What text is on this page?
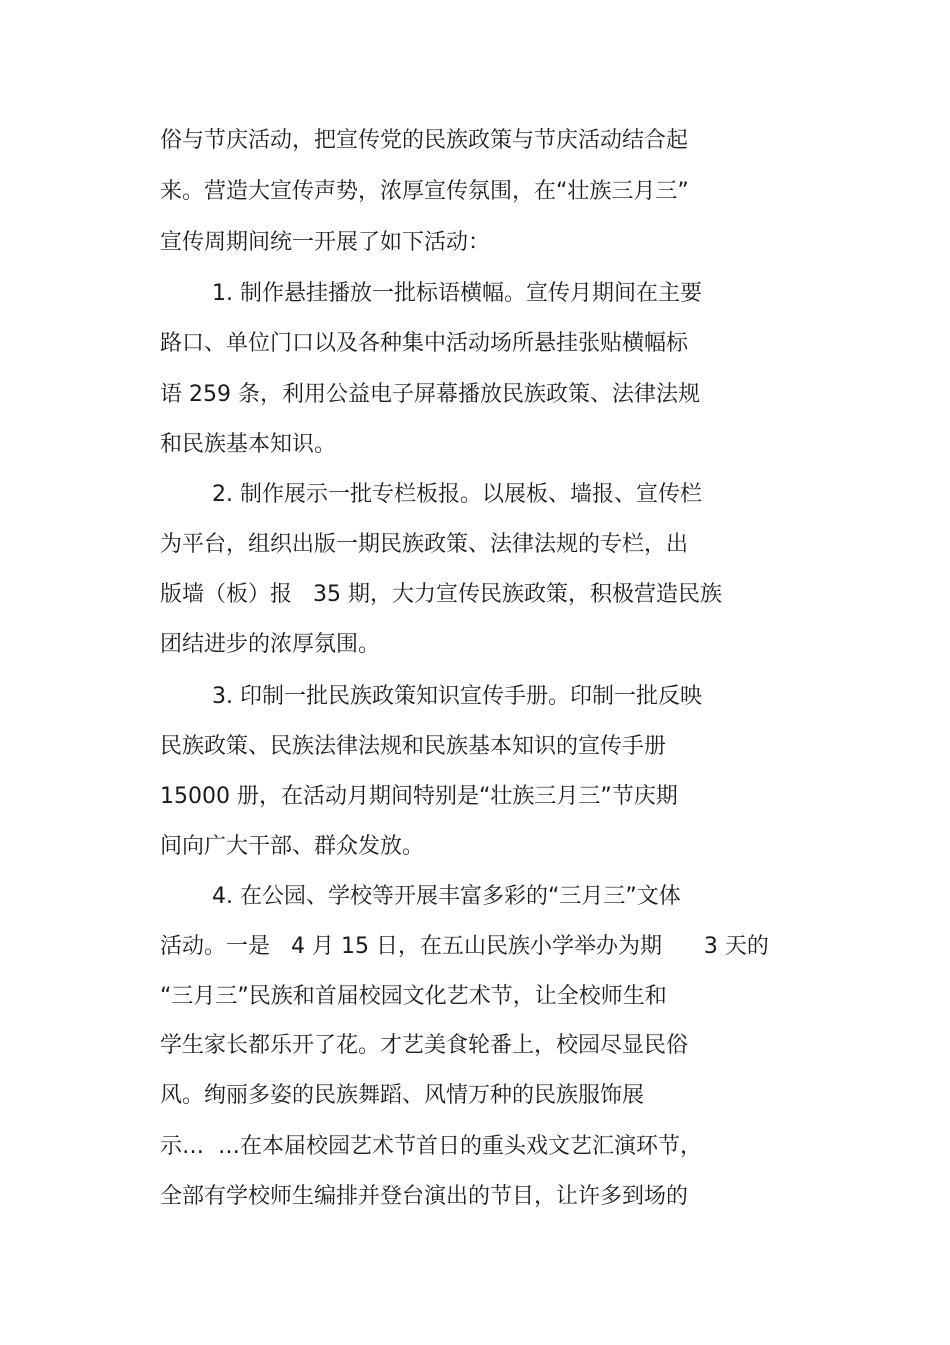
俗与节庆活动，把宣传党的民族政策与节庆活动结合起
来。营造大宣传声势，浓厚宣传氛围，在“壮族三月三”
宣传周期间统一开展了如下活动：
1. 制作悬挂播放一批标语横幅。宣传月期间在主要
路口、单位门口以及各种集中活动场所悬挂张贴横幅标
语 259 条，利用公益电子屏幕播放民族政策、法律法规
和民族基本知识。
2. 制作展示一批专栏板报。以展板、墙报、宣传栏
为平台，组织出版一期民族政策、法律法规的专栏，出
版墙（板）报   35 期，大力宣传民族政策，积极营造民族
团结进步的浓厚氛围。
3. 印制一批民族政策知识宣传手册。印制一批反映
民族政策、民族法律法规和民族基本知识的宣传手册
15000 册，在活动月期间特别是“壮族三月三”节庆期
间向广大干部、群众发放。
4. 在公园、学校等开展丰富多彩的“三月三”文体
活动。一是   4 月 15 日，在五山民族小学举办为期      3 天的
“三月三”民族和首届校园文化艺术节，让全校师生和
学生家长都乐开了花。才艺美食轮番上，校园尽显民俗
风。绚丽多姿的民族舞蹈、风情万种的民族服饰展
示…  …在本届校园艺术节首日的重头戏文艺汇演环节，
全部有学校师生编排并登台演出的节目，让许多到场的
